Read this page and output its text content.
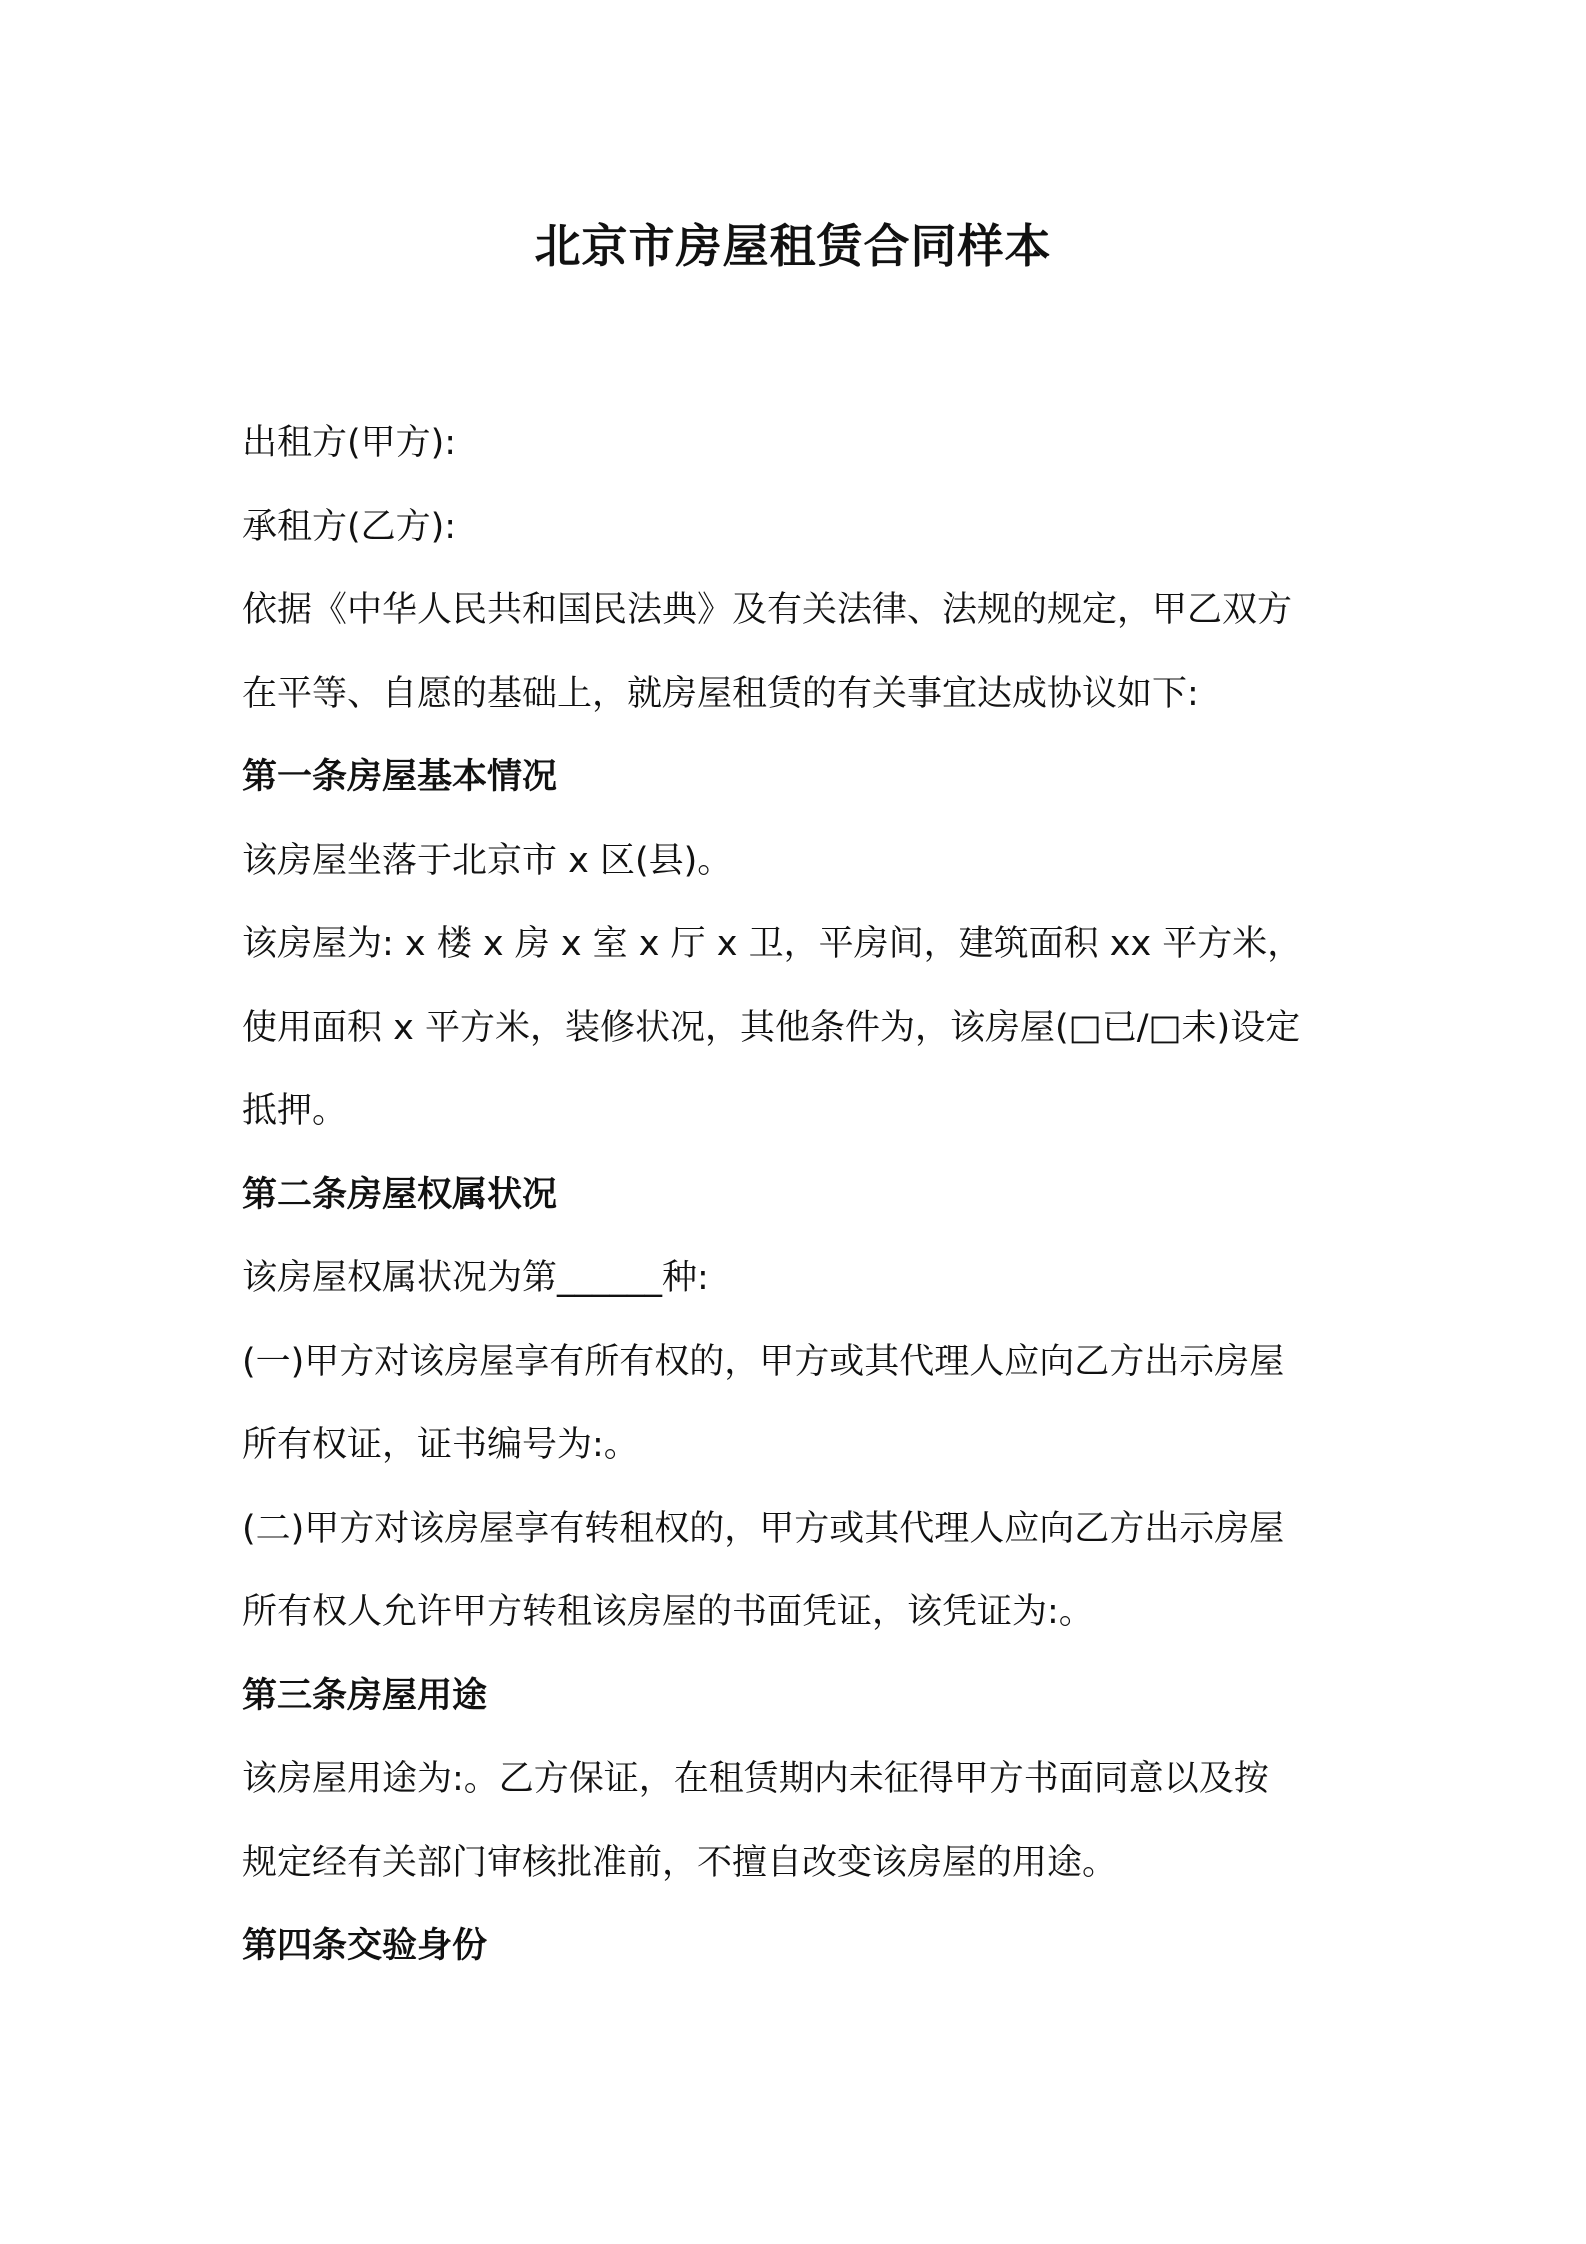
北京市房屋租赁合同样本

出租方(甲方):

承租方(乙方):

依据《中华人民共和国民法典》及有关法律、法规的规定，甲乙双方

在平等、自愿的基础上，就房屋租赁的有关事宜达成协议如下:

第一条房屋基本情况

该房屋坐落于北京市 x 区(县)。

该房屋为: x 楼 x 房 x 室 x 厅 x 卫，平房间，建筑面积 xx 平方米，

使用面积 x 平方米，装修状况，其他条件为，该房屋(□已/□未)设定

抵押。

第二条房屋权属状况

该房屋权属状况为第______种:

(一)甲方对该房屋享有所有权的，甲方或其代理人应向乙方出示房屋

所有权证，证书编号为:。

(二)甲方对该房屋享有转租权的，甲方或其代理人应向乙方出示房屋

所有权人允许甲方转租该房屋的书面凭证，该凭证为:。

第三条房屋用途

该房屋用途为:。乙方保证，在租赁期内未征得甲方书面同意以及按

规定经有关部门审核批准前，不擅自改变该房屋的用途。

第四条交验身份
